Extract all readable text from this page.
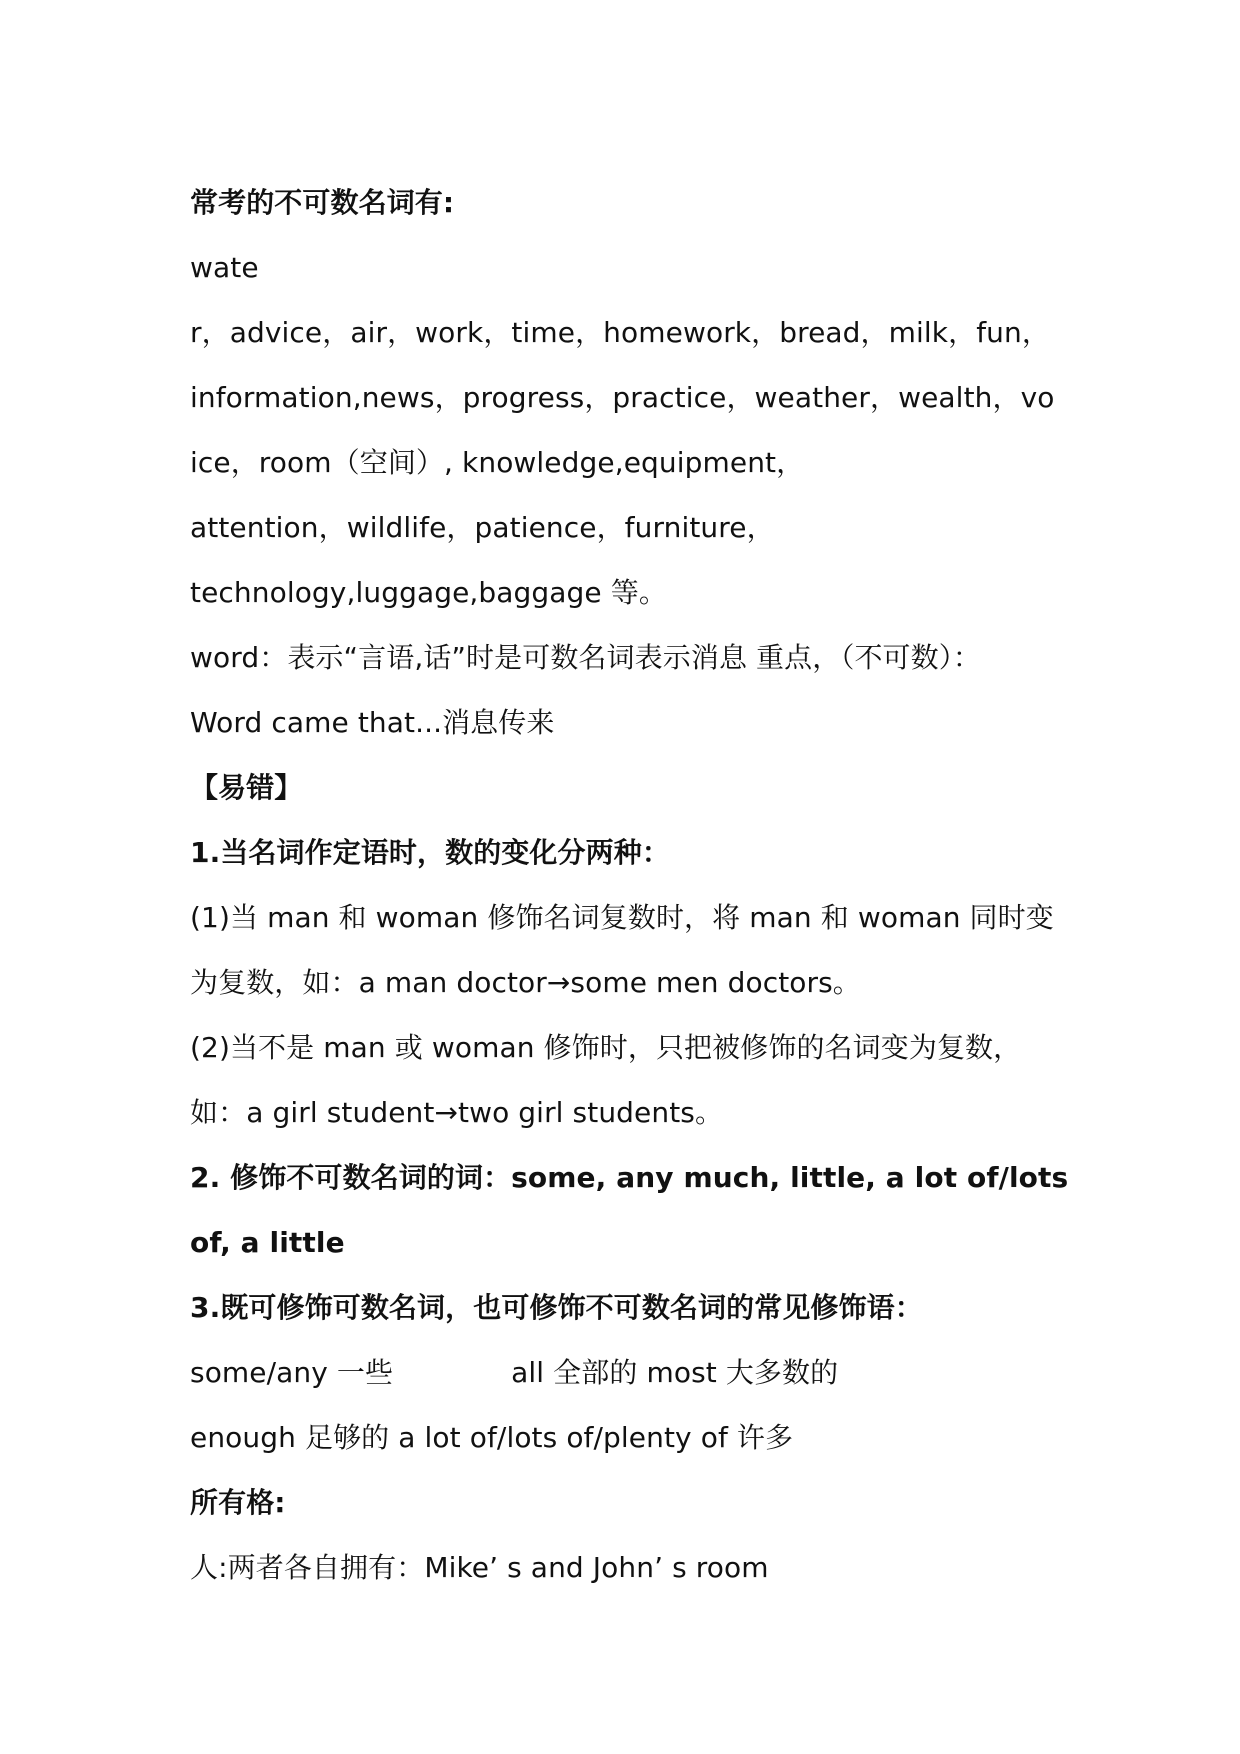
常考的不可数名词有:
wate
r，advice，air，work，time，homework，bread，milk，fun，
information,news，progress，practice，weather，wealth，vo
ice，room（空间）, knowledge,equipment，
attention，wildlife，patience，furniture，
technology,luggage,baggage 等。
word：表示“言语,话”时是可数名词表示消息 重点，（不可数）：
Word came that...消息传来
【易错】
1.当名词作定语时，数的变化分两种：
(1)当 man 和 woman 修饰名词复数时，将 man 和 woman 同时变
为复数，如：a man doctor→some men doctors。
(2)当不是 man 或 woman 修饰时，只把被修饰的名词变为复数，
如：a girl student→two girl students。
2. 修饰不可数名词的词：some, any much, little, a lot of/lots
of, a little
3.既可修饰可数名词，也可修饰不可数名词的常见修饰语：
some/any 一些	all 全部的 most 大多数的
enough 足够的 a lot of/lots of/plenty of 许多
所有格:
人:两者各自拥有：Mike’ s and John’ s room
